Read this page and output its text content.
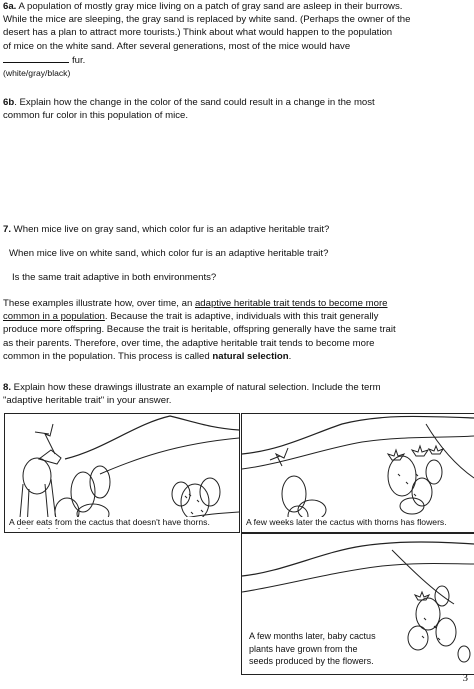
6a. A population of mostly gray mice living on a patch of gray sand are asleep in their burrows.

While the mice are sleeping, the gray sand is replaced by white sand. (Perhaps the owner of the

desert has a plan to attract more tourists.) Think about what would happen to the population

of mice on the white sand. After several generations, most of the mice would have

fur.

(white/gray/black)

6b. Explain how the change in the color of the sand could result in a change in the most

common fur color in this population of mice.

7. When mice live on gray sand, which color fur is an adaptive heritable trait?

When mice live on white sand, which color fur is an adaptive heritable trait?

Is the same trait adaptive in both environments?

These examples illustrate how, over time, an adaptive heritable trait tends to become more

common in a population. Because the trait is adaptive, individuals with this trait generally

produce more offspring. Because the trait is heritable, offspring generally have the same trait

as their parents. Therefore, over time, the adaptive heritable trait tends to become more

common in the population. This process is called natural selection.

8. Explain how these drawings illustrate an example of natural selection. Include the term

"adaptive heritable trait" in your answer.

A deer eats from the cactus that doesn't have thorns.	A few weeks later the cactus with thorns has flowers.
A few months later, baby cactus
plants have grown from the
seeds produced by the flowers.
3
